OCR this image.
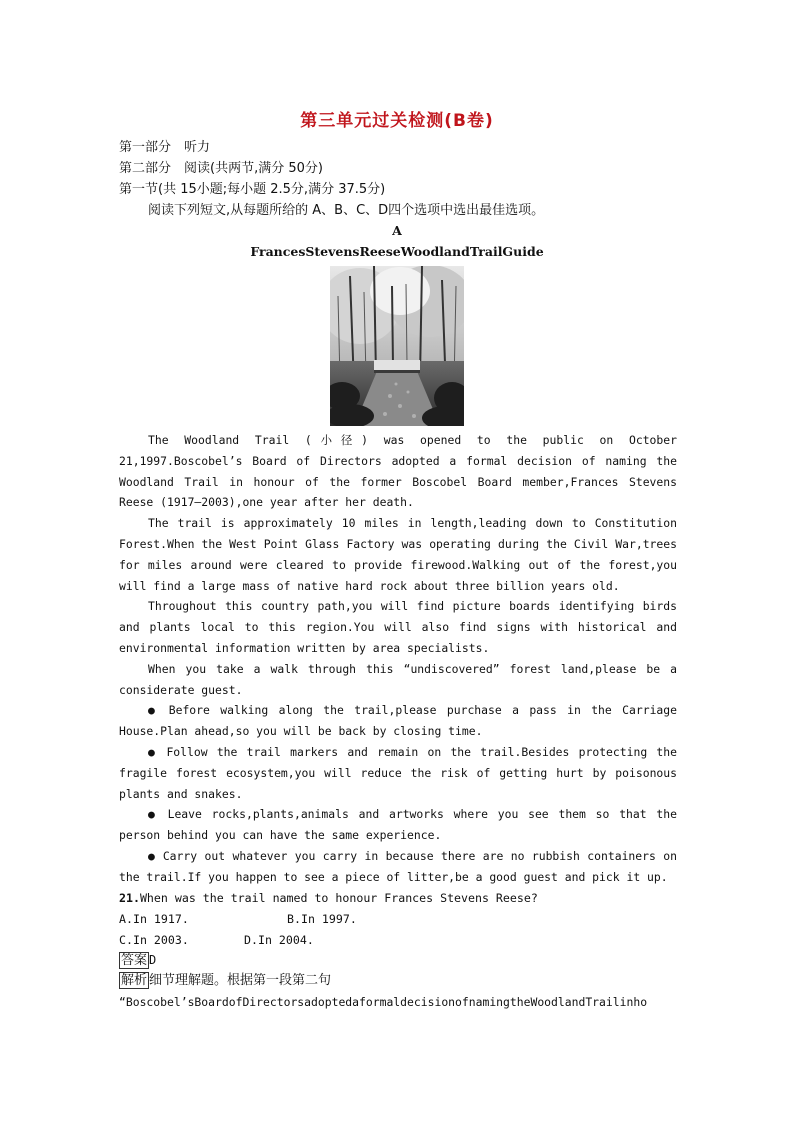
第三单元过关检测(B卷)
第一部分　听力
第二部分　阅读(共两节,满分 50分)
第一节(共 15小题;每小题 2.5分,满分 37.5分)
阅读下列短文,从每题所给的 A、B、C、D四个选项中选出最佳选项。
A
FrancesStevensReeseWoodlandTrailGuide

The Woodland Trail (小径) was opened to the public on October 21,1997.Boscobel’s Board of Directors adopted a formal decision of naming the Woodland Trail in honour of the former Boscobel Board member,Frances Stevens Reese (1917—2003),one year after her death.

The trail is approximately 10 miles in length,leading down to Constitution Forest.When the West Point Glass Factory was operating during the Civil War,trees for miles around were cleared to provide firewood.Walking out of the forest,you will find a large mass of native hard rock about three billion years old.

Throughout this country path,you will find picture boards identifying birds and plants local to this region.You will also find signs with historical and environmental information written by area specialists.

When you take a walk through this “undiscovered” forest land,please be a considerate guest.

● Before walking along the trail,please purchase a pass in the Carriage House.Plan ahead,so you will be back by closing time.

● Follow the trail markers and remain on the trail.Besides protecting the fragile forest ecosystem,you will reduce the risk of getting hurt by poisonous plants and snakes.

● Leave rocks,plants,animals and artworks where you see them so that the person behind you can have the same experience.

● Carry out whatever you carry in because there are no rubbish containers on the trail.If you happen to see a piece of litter,be a good guest and pick it up.

21.When was the trail named to honour Frances Stevens Reese?
A.In 1917.	B.In 1997.
C.In 2003.	D.In 2004.
答案 D
解析 细节理解题。根据第一段第二句
“Boscobel’sBoardofDirectorsadoptedaformaldecisionofnamingtheWoodlandTrailinho
